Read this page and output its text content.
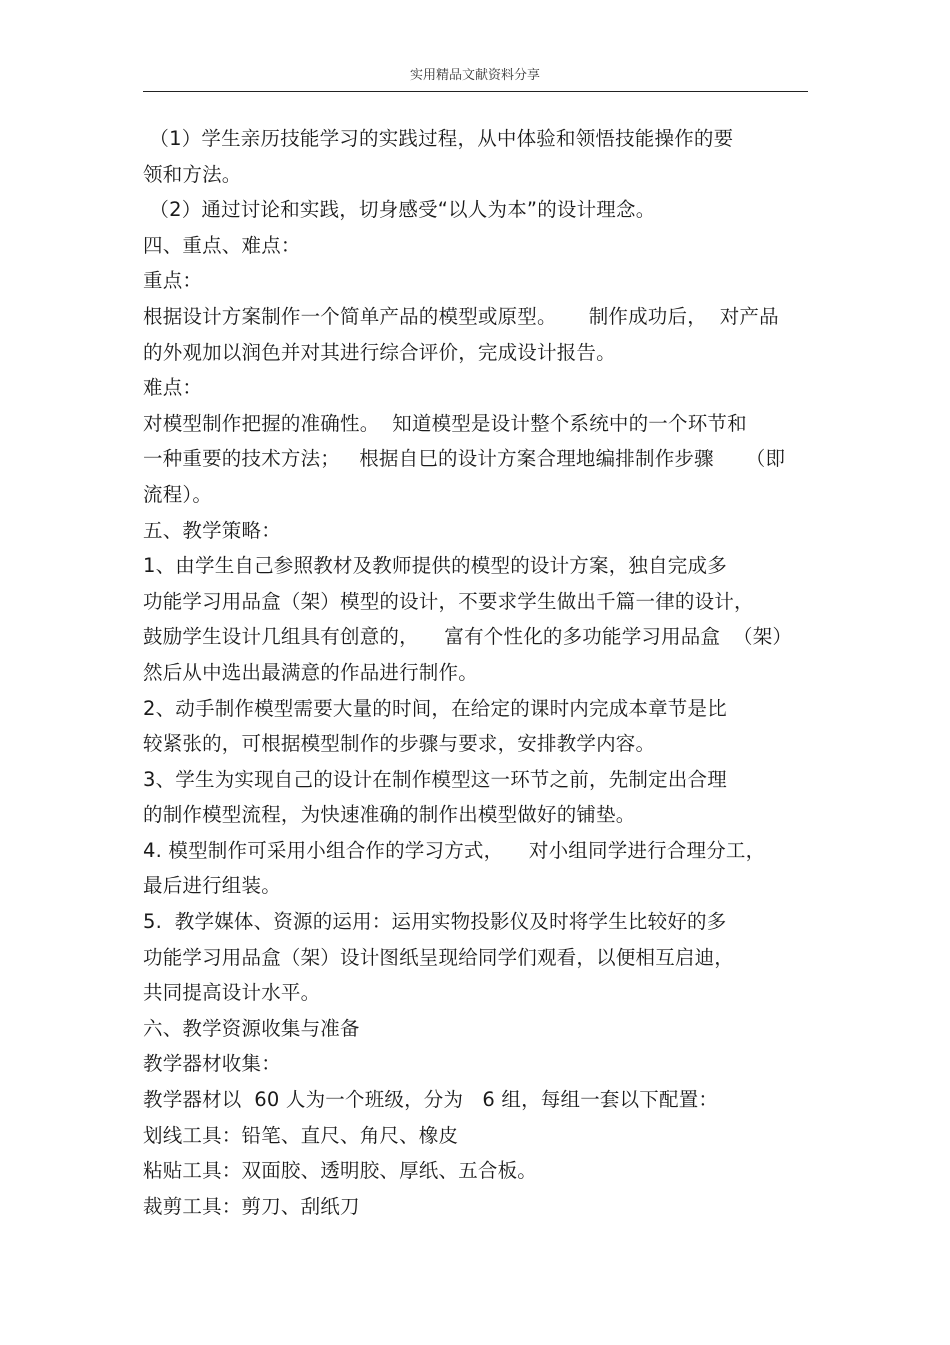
实用精品文献资料分享
（1）学生亲历技能学习的实践过程，从中体验和领悟技能操作的要
领和方法。
（2）通过讨论和实践，切身感受“以人为本”的设计理念。
四、重点、难点：
重点：
根据设计方案制作一个简单产品的模型或原型。     制作成功后，  对产品
的外观加以润色并对其进行综合评价，完成设计报告。
难点：
对模型制作把握的准确性。  知道模型是设计整个系统中的一个环节和
一种重要的技术方法；   根据自巳的设计方案合理地编排制作步骤     （即
流程）。
五、教学策略：
1、由学生自己参照教材及教师提供的模型的设计方案，独自完成多
功能学习用品盒（架）模型的设计，不要求学生做出千篇一律的设计，
鼓励学生设计几组具有创意的，    富有个性化的多功能学习用品盒  （架）
然后从中选出最满意的作品进行制作。
2、动手制作模型需要大量的时间，在给定的课时内完成本章节是比
较紧张的，可根据模型制作的步骤与要求，安排教学内容。
3、学生为实现自己的设计在制作模型这一环节之前，先制定出合理
的制作模型流程，为快速准确的制作出模型做好的铺垫。
4. 模型制作可采用小组合作的学习方式，    对小组同学进行合理分工，
最后进行组装。
5.  教学媒体、资源的运用：运用实物投影仪及时将学生比较好的多
功能学习用品盒（架）设计图纸呈现给同学们观看，以便相互启迪，
共同提高设计水平。
六、教学资源收集与准备
教学器材收集：
教学器材以  60 人为一个班级，分为   6 组，每组一套以下配置：
划线工具：铅笔、直尺、角尺、橡皮
粘贴工具：双面胶、透明胶、厚纸、五合板。
裁剪工具：剪刀、刮纸刀
